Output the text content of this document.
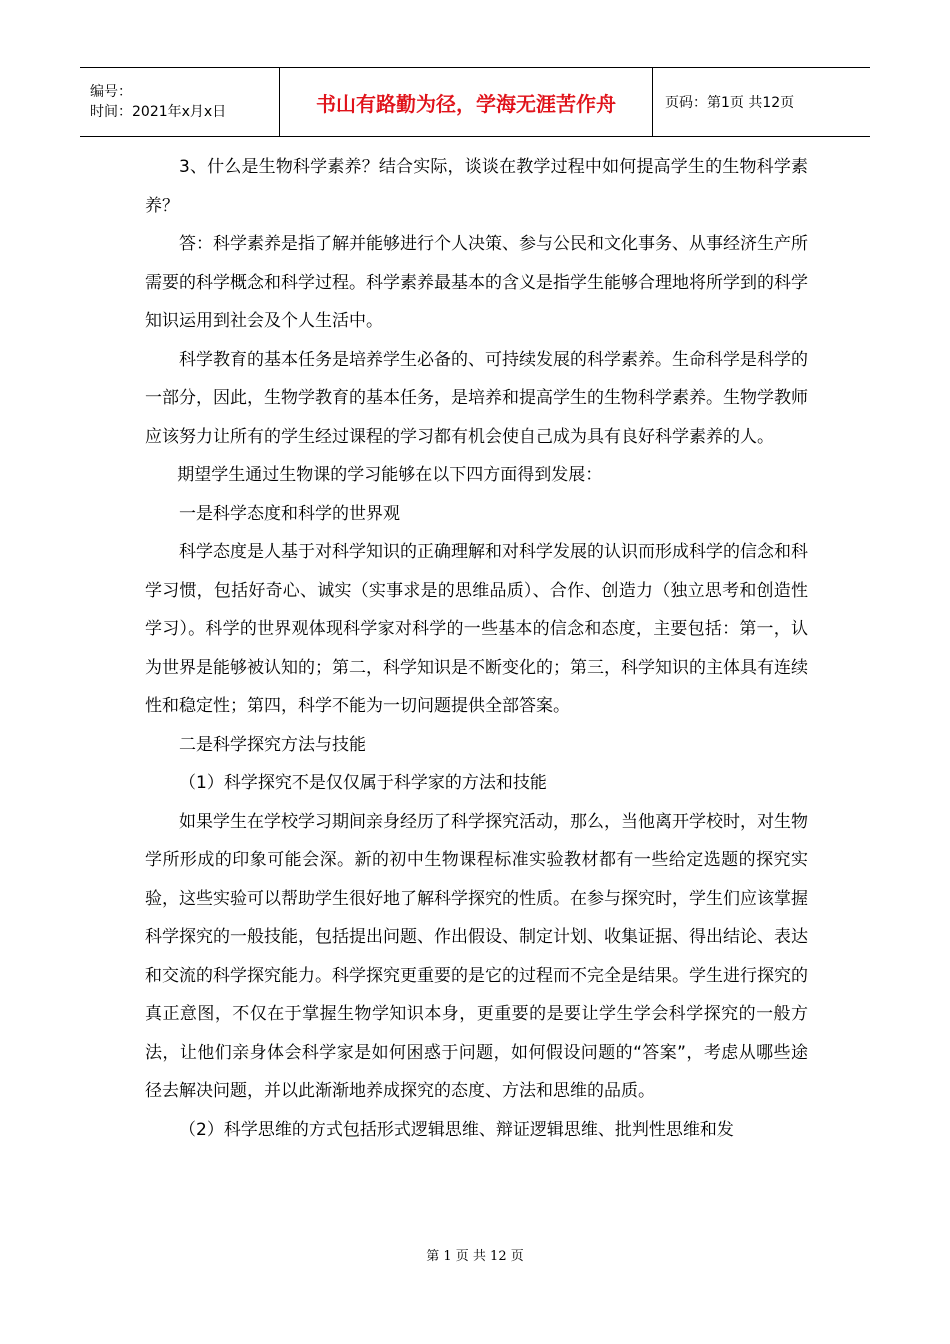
编号：
时间：2021年x月x日	书山有路勤为径，学海无涯苦作舟	页码：第1页 共12页

3、什么是生物科学素养？结合实际，谈谈在教学过程中如何提高学生的生物科学素养？

答：科学素养是指了解并能够进行个人决策、参与公民和文化事务、从事经济生产所需要的科学概念和科学过程。科学素养最基本的含义是指学生能够合理地将所学到的科学知识运用到社会及个人生活中。

科学教育的基本任务是培养学生必备的、可持续发展的科学素养。生命科学是科学的一部分，因此，生物学教育的基本任务，是培养和提高学生的生物科学素养。生物学教师应该努力让所有的学生经过课程的学习都有机会使自己成为具有良好科学素养的人。

期望学生通过生物课的学习能够在以下四方面得到发展：

一是科学态度和科学的世界观

科学态度是人基于对科学知识的正确理解和对科学发展的认识而形成科学的信念和科学习惯，包括好奇心、诚实（实事求是的思维品质）、合作、创造力（独立思考和创造性学习）。科学的世界观体现科学家对科学的一些基本的信念和态度，主要包括：第一，认为世界是能够被认知的；第二，科学知识是不断变化的；第三，科学知识的主体具有连续性和稳定性；第四，科学不能为一切问题提供全部答案。

二是科学探究方法与技能

（1）科学探究不是仅仅属于科学家的方法和技能

如果学生在学校学习期间亲身经历了科学探究活动，那么，当他离开学校时，对生物学所形成的印象可能会深。新的初中生物课程标准实验教材都有一些给定选题的探究实验，这些实验可以帮助学生很好地了解科学探究的性质。在参与探究时，学生们应该掌握科学探究的一般技能，包括提出问题、作出假设、制定计划、收集证据、得出结论、表达和交流的科学探究能力。科学探究更重要的是它的过程而不完全是结果。学生进行探究的真正意图，不仅在于掌握生物学知识本身，更重要的是要让学生学会科学探究的一般方法，让他们亲身体会科学家是如何困惑于问题，如何假设问题的“答案”，考虑从哪些途径去解决问题，并以此渐渐地养成探究的态度、方法和思维的品质。

（2）科学思维的方式包括形式逻辑思维、辩证逻辑思维、批判性思维和发

第 1 页 共 12 页
